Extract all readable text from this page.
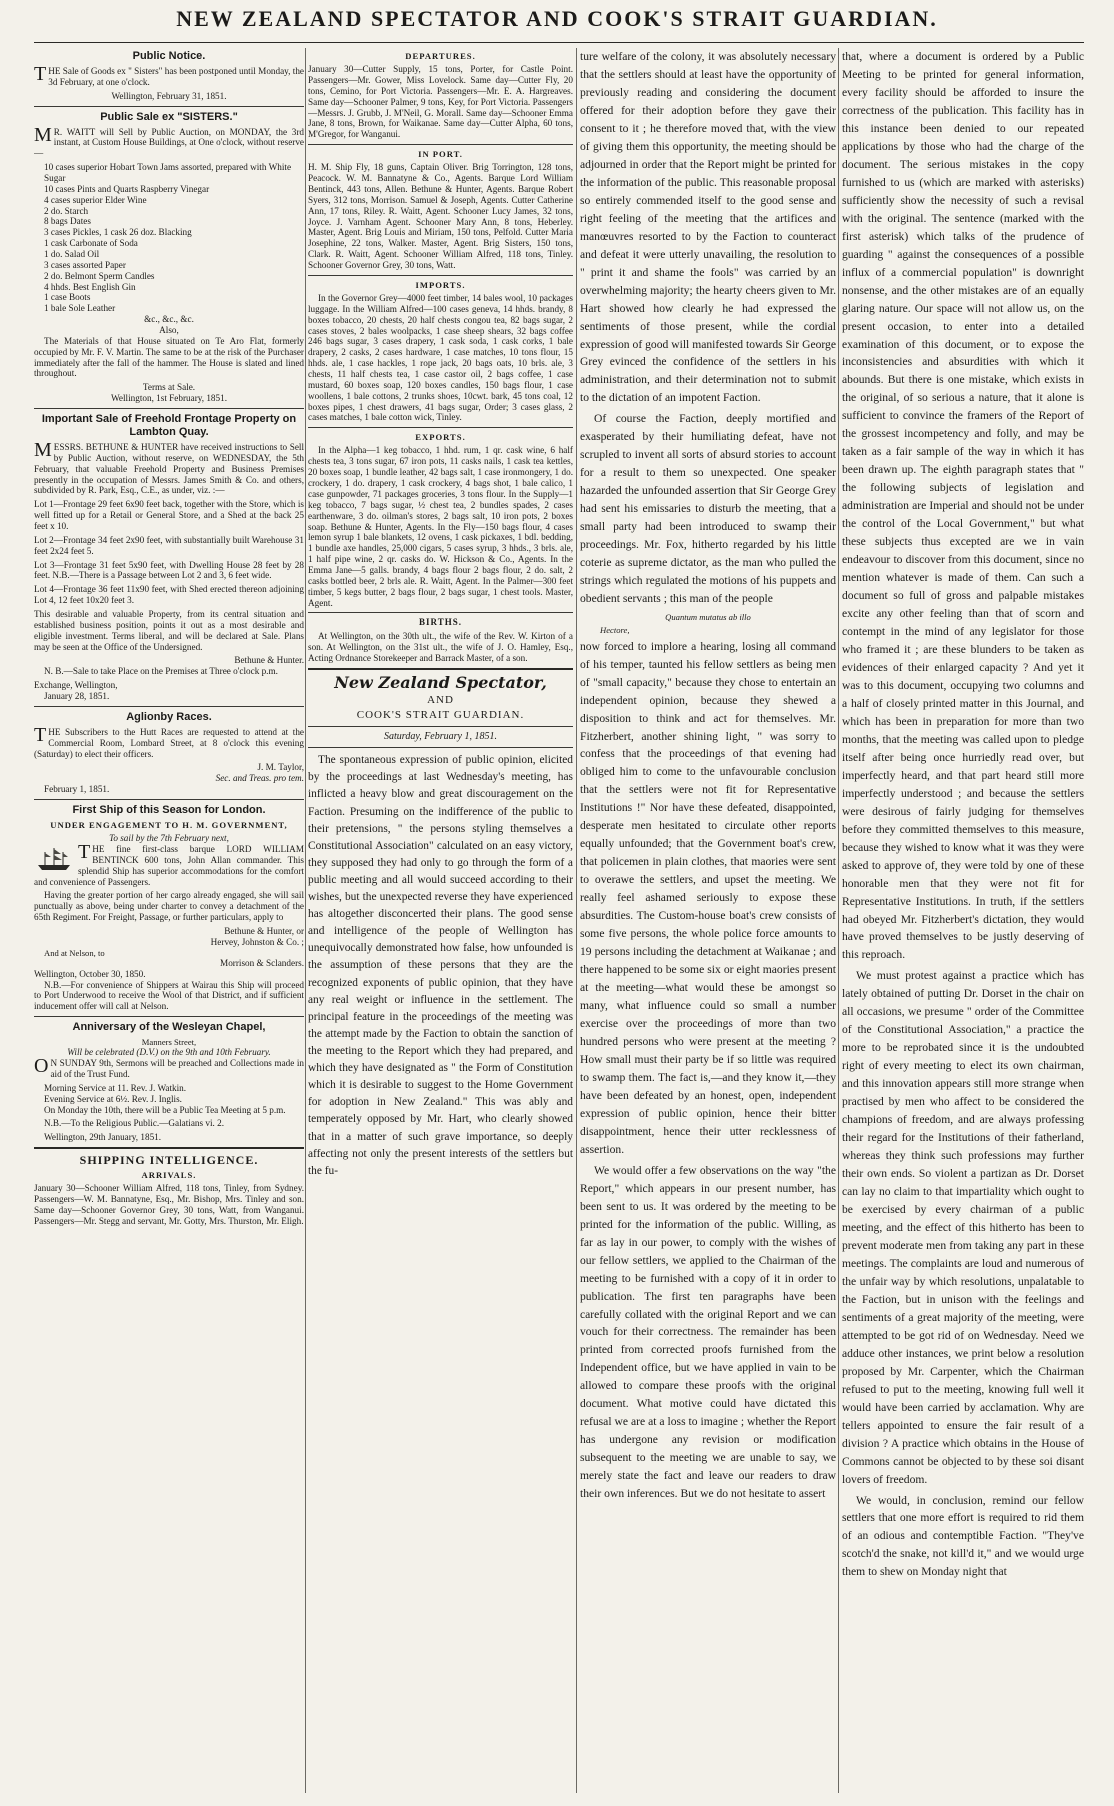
NEW ZEALAND SPECTATOR AND COOK'S STRAIT GUARDIAN.
Public Notice.
THE Sale of Goods ex " Sisters" has been postponed until Monday, the 3d February, at one o'clock.
Wellington, February 31, 1851.
Public Sale ex "SISTERS."
MR. WAITT will Sell by Public Auction, on MONDAY, the 3rd instant, at Custom House Buildings, at One o'clock, without reserve—
10 cases superior Hobart Town Jams assorted, prepared with White Sugar
10 cases Pints and Quarts Raspberry Vinegar
4 cases superior Elder Wine
2 do. Starch
8 bags Dates
3 cases Pickles, 1 cask 26 doz. Blacking
1 cask Carbonate of Soda
1 do. Salad Oil
3 cases assorted Paper
2 do. Belmont Sperm Candles
4 hhds. Best English Gin
1 case Boots
1 bale Sole Leather
&c., &c., &c.
Also,
The Materials of that House situated on Te Aro Flat, formerly occupied by Mr. F. V. Martin. The same to be at the risk of the Purchaser immediately after the fall of the hammer. The House is slated and lined throughout.
Terms at Sale.
Wellington, 1st February, 1851.
Important Sale of Freehold Frontage Property on Lambton Quay.
MESSRS. BETHUNE & HUNTER have received instructions to Sell by Public Auction, without reserve, on WEDNESDAY, the 5th February, that valuable Freehold Property and Business Premises presently in the occupation of Messrs. James Smith & Co. and others, subdivided by R. Park, Esq., C.E., as under, viz. :—
Lot 1—Frontage 29 feet 6x90 feet back, together with the Store, which is well fitted up for a Retail or General Store, and a Shed at the back 25 feet x 10.
Lot 2—Frontage 34 feet 2x90 feet, with substantially built Warehouse 31 feet 2x24 feet 5.
Lot 3—Frontage 31 feet 5x90 feet, with Dwelling House 28 feet by 28 feet. N.B.—There is a Passage between Lot 2 and 3, 6 feet wide.
Lot 4—Frontage 36 feet 11x90 feet, with Shed erected thereon adjoining Lot 4, 12 feet 10x20 feet 3.
This desirable and valuable Property, from its central situation and established business position, points it out as a most desirable and eligible investment. Terms liberal, and will be declared at Sale. Plans may be seen at the Office of the Undersigned.
Bethune & Hunter.
N. B.—Sale to take Place on the Premises at Three o'clock p.m.
Exchange, Wellington,
January 28, 1851.
Aglionby Races.
THE Subscribers to the Hutt Races are requested to attend at the Commercial Room, Lombard Street, at 8 o'clock this evening (Saturday) to elect their officers.
J. M. Taylor,
Sec. and Treas. pro tem.
February 1, 1851.
First Ship of this Season for London.
UNDER ENGAGEMENT TO H. M. GOVERNMENT,
To sail by the 7th February next,
THE fine first-class barque LORD WILLIAM BENTINCK 600 tons, John Allan commander. This splendid Ship has superior accommodations for the comfort and convenience of Passengers.
Having the greater portion of her cargo already engaged, she will sail punctually as above, being under charter to convey a detachment of the 65th Regiment. For Freight, Passage, or further particulars, apply to
Bethune & Hunter, or
Hervey, Johnston & Co. ;
And at Nelson, to
Morrison & Sclanders.
Wellington, October 30, 1850.
N.B.—For convenience of Shippers at Wairau this Ship will proceed to Port Underwood to receive the Wool of that District, and if sufficient inducement offer will call at Nelson.
Anniversary of the Wesleyan Chapel,
Manners Street,
Will be celebrated (D.V.) on the 9th and 10th February.
ON SUNDAY 9th, Sermons will be preached and Collections made in aid of the Trust Fund.
Morning Service at 11. Rev. J. Watkin.
Evening Service at 6½. Rev. J. Inglis.
On Monday the 10th, there will be a Public Tea Meeting at 5 p.m.
N.B.—To the Religious Public.—Galatians vi. 2.
Wellington, 29th January, 1851.
SHIPPING INTELLIGENCE.
ARRIVALS.
January 30—Schooner William Alfred, 118 tons, Tinley, from Sydney. Passengers—W. M. Bannatyne, Esq., Mr. Bishop, Mrs. Tinley and son. Same day—Schooner Governor Grey, 30 tons, Watt, from Wanganui. Passengers—Mr. Stegg and servant, Mr. Gotty, Mrs. Thurston, Mr. Eligh.
DEPARTURES.
January 30—Cutter Supply, 15 tons, Porter, for Castle Point. Passengers—Mr. Gower, Miss Lovelock. Same day—Cutter Fly, 20 tons, Cemino, for Port Victoria. Passengers—Mr. E. A. Hargreaves. Same day—Schooner Palmer, 9 tons, Key, for Port Victoria. Passengers—Messrs. J. Grubb, J. M'Neil, G. Morall. Same day—Schooner Emma Jane, 8 tons, Brown, for Waikanae. Same day—Cutter Alpha, 60 tons, M'Gregor, for Wanganui.
IN PORT.
H. M. Ship Fly, 18 guns, Captain Oliver. Brig Torrington, 128 tons, Peacock. W. M. Bannatyne & Co., Agents. Barque Lord William Bentinck, 443 tons, Allen. Bethune & Hunter, Agents. Barque Robert Syers, 312 tons, Morrison. Samuel & Joseph, Agents. Cutter Catherine Ann, 17 tons, Riley. R. Waitt, Agent. Schooner Lucy James, 32 tons, Joyce. J. Varnham Agent. Schooner Mary Ann, 8 tons, Heberley. Master, Agent. Brig Louis and Miriam, 150 tons, Pelfold. Cutter Maria Josephine, 22 tons, Walker. Master, Agent. Brig Sisters, 150 tons, Clark. R. Waitt, Agent. Schooner William Alfred, 118 tons, Tinley. Schooner Governor Grey, 30 tons, Watt.
IMPORTS.
In the Governor Grey—4000 feet timber, 14 bales wool, 10 packages luggage. In the William Alfred—100 cases geneva, 14 hhds. brandy, 8 boxes tobacco, 20 chests, 20 half chests congou tea, 82 bags sugar, 2 cases stoves, 2 bales woolpacks, 1 case sheep shears, 32 bags coffee 246 bags sugar, 3 cases drapery, 1 cask soda, 1 cask corks, 1 bale drapery, 2 casks, 2 cases hardware, 1 case matches, 10 tons flour, 15 hhds. ale, 1 case hackles, 1 rope jack, 20 bags oats, 10 brls. ale, 3 chests, 11 half chests tea, 1 case castor oil, 2 bags coffee, 1 case mustard, 60 boxes soap, 120 boxes candles, 150 bags flour, 1 case woollens, 1 bale cottons, 2 trunks shoes, 10cwt. bark, 45 tons coal, 12 boxes pipes, 1 chest drawers, 41 bags sugar, Order; 3 cases glass, 2 cases matches, 1 bale cotton wick, Tinley.
EXPORTS.
In the Alpha—1 keg tobacco, 1 hhd. rum, 1 qr. cask wine, 6 half chests tea, 3 tons sugar, 67 iron pots, 11 casks nails, 1 cask tea kettles, 20 boxes soap, 1 bundle leather, 42 bags salt, 1 case ironmongery, 1 do. crockery, 1 do. drapery, 1 cask crockery, 4 bags shot, 1 bale calico, 1 case gunpowder, 71 packages groceries, 3 tons flour. In the Supply—1 keg tobacco, 7 bags sugar, ½ chest tea, 2 bundles spades, 2 cases earthenware, 3 do. oilman's stores, 2 bags salt, 10 iron pots, 2 boxes soap. Bethune & Hunter, Agents. In the Fly—150 bags flour, 4 cases lemon syrup 1 bale blankets, 12 ovens, 1 cask pickaxes, 1 bdl. bedding, 1 bundle axe handles, 25,000 cigars, 5 cases syrup, 3 hhds., 3 brls. ale, 1 half pipe wine, 2 qr. casks do. W. Hickson & Co., Agents. In the Emma Jane—5 galls. brandy, 4 bags flour 2 bags flour, 2 do. salt, 2 casks bottled beer, 2 brls ale. R. Waitt, Agent. In the Palmer—300 feet timber, 5 kegs butter, 2 bags flour, 2 bags sugar, 1 chest tools. Master, Agent.
BIRTHS.
At Wellington, on the 30th ult., the wife of the Rev. W. Kirton of a son. At Wellington, on the 31st ult., the wife of J. O. Hamley, Esq., Acting Ordnance Storekeeper and Barrack Master, of a son.
New Zealand Spectator,
AND
COOK'S STRAIT GUARDIAN.
Saturday, February 1, 1851.
The spontaneous expression of public opinion, elicited by the proceedings at last Wednesday's meeting, has inflicted a heavy blow and great discouragement on the Faction. Presuming on the indifference of the public to their pretensions, " the persons styling themselves a Constitutional Association" calculated on an easy victory, they supposed they had only to go through the form of a public meeting and all would succeed according to their wishes, but the unexpected reverse they have experienced has altogether disconcerted their plans. The good sense and intelligence of the people of Wellington has unequivocally demonstrated how false, how unfounded is the assumption of these persons that they are the recognized exponents of public opinion, that they have any real weight or influence in the settlement. The principal feature in the proceedings of the meeting was the attempt made by the Faction to obtain the sanction of the meeting to the Report which they had prepared, and which they have designated as " the Form of Constitution which it is desirable to suggest to the Home Government for adoption in New Zealand." This was ably and temperately opposed by Mr. Hart, who clearly showed that in a matter of such grave importance, so deeply affecting not only the present interests of the settlers but the fu-
ture welfare of the colony, it was absolutely necessary that the settlers should at least have the opportunity of previously reading and considering the document offered for their adoption before they gave their consent to it ; he therefore moved that, with the view of giving them this opportunity, the meeting should be adjourned in order that the Report might be printed for the information of the public. This reasonable proposal so entirely commended itself to the good sense and right feeling of the meeting that the artifices and manœuvres resorted to by the Faction to counteract and defeat it were utterly unavailing, the resolution to " print it and shame the fools" was carried by an overwhelming majority; the hearty cheers given to Mr. Hart showed how clearly he had expressed the sentiments of those present, while the cordial expression of good will manifested towards Sir George Grey evinced the confidence of the settlers in his administration, and their determination not to submit to the dictation of an impotent Faction.
Of course the Faction, deeply mortified and exasperated by their humiliating defeat, have not scrupled to invent all sorts of absurd stories to account for a result to them so unexpected. One speaker hazarded the unfounded assertion that Sir George Grey had sent his emissaries to disturb the meeting, that a small party had been introduced to swamp their proceedings. Mr. Fox, hitherto regarded by his little coterie as supreme dictator, as the man who pulled the strings which regulated the motions of his puppets and obedient servants ; this man of the people
Quantum mutatus ab illo
Hectore,
now forced to implore a hearing, losing all command of his temper, taunted his fellow settlers as being men of "small capacity," because they chose to entertain an independent opinion, because they shewed a disposition to think and act for themselves. Mr. Fitzherbert, another shining light, " was sorry to confess that the proceedings of that evening had obliged him to come to the unfavourable conclusion that the settlers were not fit for Representative Institutions !" Nor have these defeated, disappointed, desperate men hesitated to circulate other reports equally unfounded; that the Government boat's crew, that policemen in plain clothes, that maories were sent to overawe the settlers, and upset the meeting. We really feel ashamed seriously to expose these absurdities. The Custom-house boat's crew consists of some five persons, the whole police force amounts to 19 persons including the detachment at Waikanae ; and there happened to be some six or eight maories present at the meeting—what would these be amongst so many, what influence could so small a number exercise over the proceedings of more than two hundred persons who were present at the meeting ? How small must their party be if so little was required to swamp them. The fact is,—and they know it,—they have been defeated by an honest, open, independent expression of public opinion, hence their bitter disappointment, hence their utter recklessness of assertion.
We would offer a few observations on the way "the Report," which appears in our present number, has been sent to us. It was ordered by the meeting to be printed for the information of the public. Willing, as far as lay in our power, to comply with the wishes of our fellow settlers, we applied to the Chairman of the meeting to be furnished with a copy of it in order to publication. The first ten paragraphs have been carefully collated with the original Report and we can vouch for their correctness. The remainder has been printed from corrected proofs furnished from the Independent office, but we have applied in vain to be allowed to compare these proofs with the original document. What motive could have dictated this refusal we are at a loss to imagine ; whether the Report has undergone any revision or modification subsequent to the meeting we are unable to say, we merely state the fact and leave our readers to draw their own inferences. But we do not hesitate to assert
that, where a document is ordered by a Public Meeting to be printed for general information, every facility should be afforded to insure the correctness of the publication. This facility has in this instance been denied to our repeated applications by those who had the charge of the document. The serious mistakes in the copy furnished to us (which are marked with asterisks) sufficiently show the necessity of such a revisal with the original. The sentence (marked with the first asterisk) which talks of the prudence of guarding " against the consequences of a possible influx of a commercial population" is downright nonsense, and the other mistakes are of an equally glaring nature. Our space will not allow us, on the present occasion, to enter into a detailed examination of this document, or to expose the inconsistencies and absurdities with which it abounds. But there is one mistake, which exists in the original, of so serious a nature, that it alone is sufficient to convince the framers of the Report of the grossest incompetency and folly, and may be taken as a fair sample of the way in which it has been drawn up. The eighth paragraph states that " the following subjects of legislation and administration are Imperial and should not be under the control of the Local Government," but what these subjects thus excepted are we in vain endeavour to discover from this document, since no mention whatever is made of them. Can such a document so full of gross and palpable mistakes excite any other feeling than that of scorn and contempt in the mind of any legislator for those who framed it ; are these blunders to be taken as evidences of their enlarged capacity ? And yet it was to this document, occupying two columns and a half of closely printed matter in this Journal, and which has been in preparation for more than two months, that the meeting was called upon to pledge itself after being once hurriedly read over, but imperfectly heard, and that part heard still more imperfectly understood ; and because the settlers were desirous of fairly judging for themselves before they committed themselves to this measure, because they wished to know what it was they were asked to approve of, they were told by one of these honorable men that they were not fit for Representative Institutions. In truth, if the settlers had obeyed Mr. Fitzherbert's dictation, they would have proved themselves to be justly deserving of this reproach.
We must protest against a practice which has lately obtained of putting Dr. Dorset in the chair on all occasions, we presume " order of the Committee of the Constitutional Association," a practice the more to be reprobated since it is the undoubted right of every meeting to elect its own chairman, and this innovation appears still more strange when practised by men who affect to be considered the champions of freedom, and are always professing their regard for the Institutions of their fatherland, whereas they think such professions may further their own ends. So violent a partizan as Dr. Dorset can lay no claim to that impartiality which ought to be exercised by every chairman of a public meeting, and the effect of this hitherto has been to prevent moderate men from taking any part in these meetings. The complaints are loud and numerous of the unfair way by which resolutions, unpalatable to the Faction, but in unison with the feelings and sentiments of a great majority of the meeting, were attempted to be got rid of on Wednesday. Need we adduce other instances, we print below a resolution proposed by Mr. Carpenter, which the Chairman refused to put to the meeting, knowing full well it would have been carried by acclamation. Why are tellers appointed to ensure the fair result of a division ? A practice which obtains in the House of Commons cannot be objected to by these soi disant lovers of freedom.
We would, in conclusion, remind our fellow settlers that one more effort is required to rid them of an odious and contemptible Faction. "They've scotch'd the snake, not kill'd it," and we would urge them to shew on Monday night that
